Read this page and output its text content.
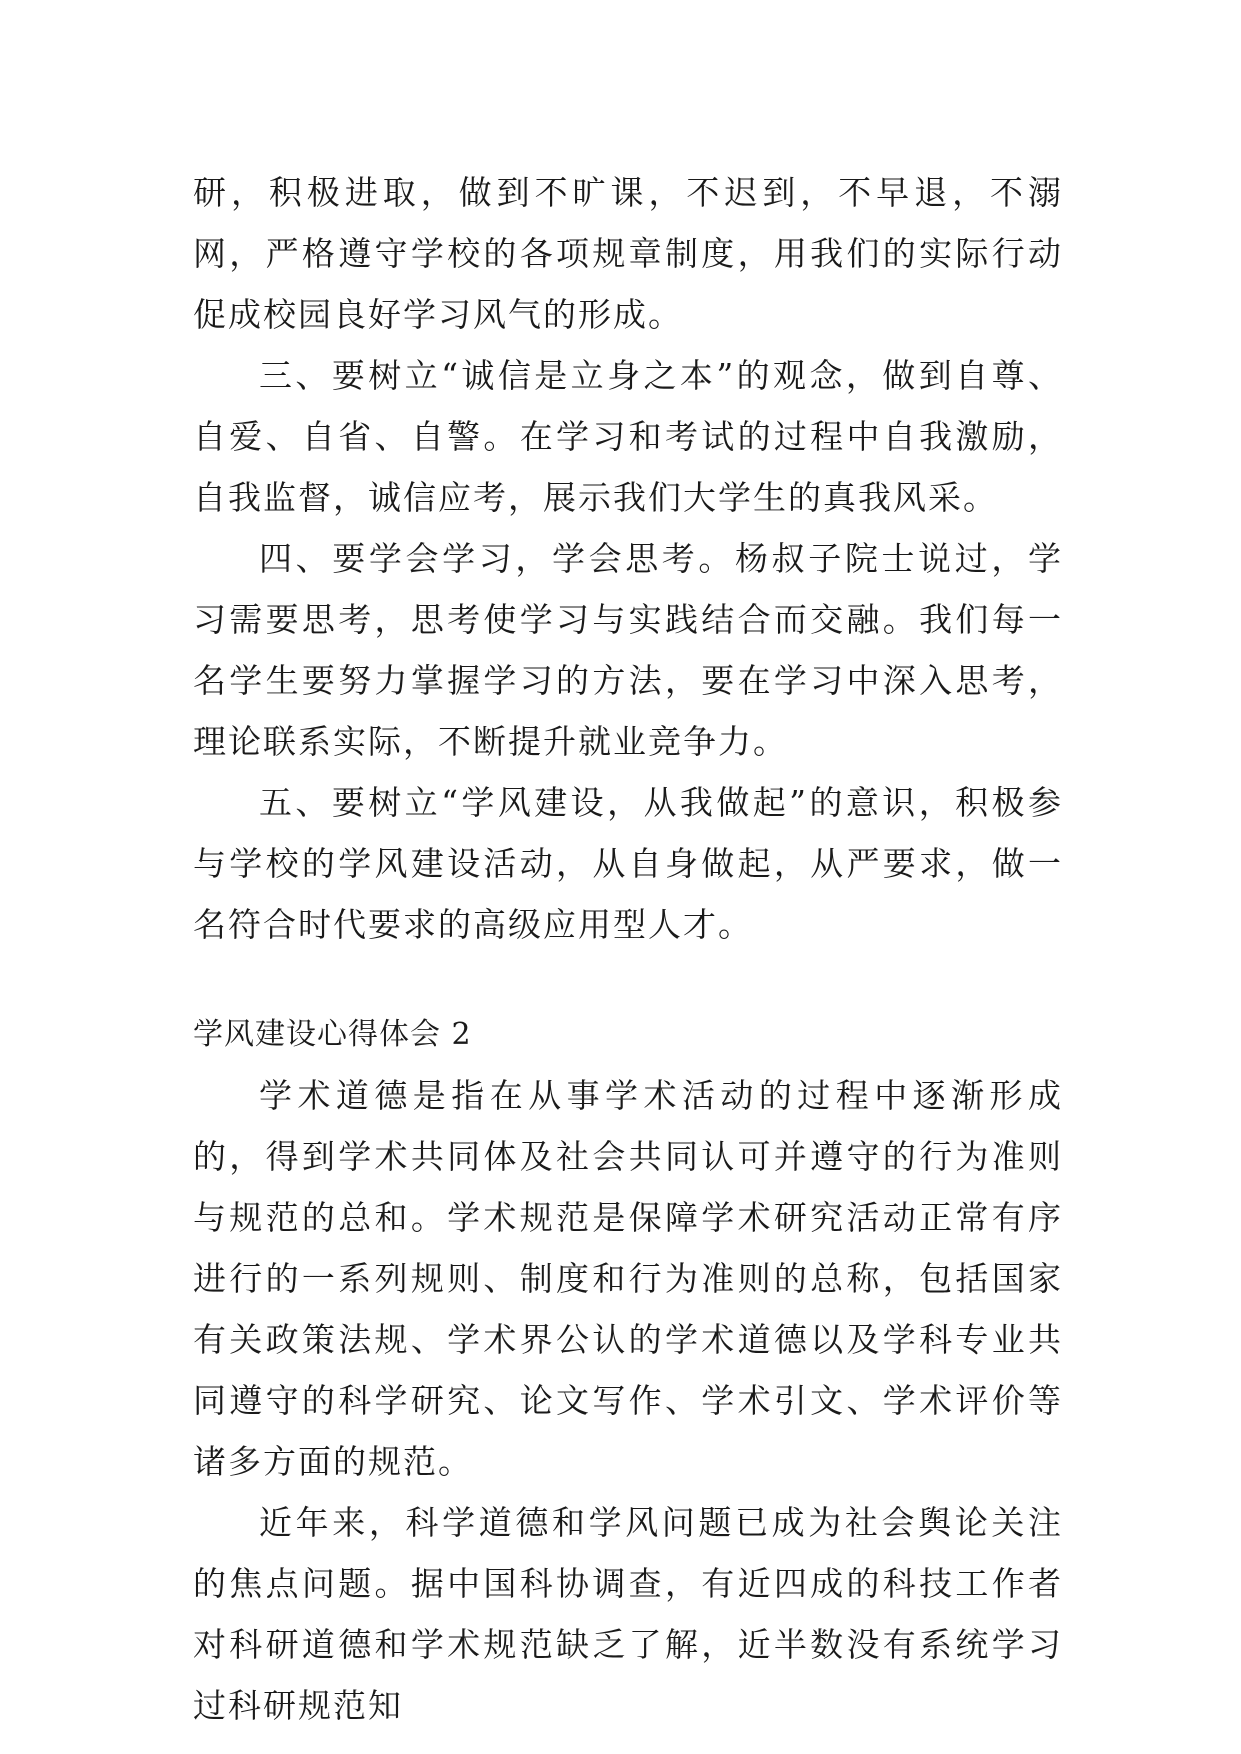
研，积极进取，做到不旷课，不迟到，不早退，不溺网，严格遵守学校的各项规章制度，用我们的实际行动促成校园良好学习风气的形成。

三、要树立“诚信是立身之本”的观念，做到自尊、自爱、自省、自警。在学习和考试的过程中自我激励，自我监督，诚信应考，展示我们大学生的真我风采。

四、要学会学习，学会思考。杨叔子院士说过，学习需要思考，思考使学习与实践结合而交融。我们每一名学生要努力掌握学习的方法，要在学习中深入思考，理论联系实际，不断提升就业竞争力。

五、要树立“学风建设，从我做起”的意识，积极参与学校的学风建设活动，从自身做起，从严要求，做一名符合时代要求的高级应用型人才。

学风建设心得体会 2

学术道德是指在从事学术活动的过程中逐渐形成的，得到学术共同体及社会共同认可并遵守的行为准则与规范的总和。学术规范是保障学术研究活动正常有序进行的一系列规则、制度和行为准则的总称，包括国家有关政策法规、学术界公认的学术道德以及学科专业共同遵守的科学研究、论文写作、学术引文、学术评价等诸多方面的规范。

近年来，科学道德和学风问题已成为社会舆论关注的焦点问题。据中国科协调查，有近四成的科技工作者对科研道德和学术规范缺乏了解，近半数没有系统学习过科研规范知
